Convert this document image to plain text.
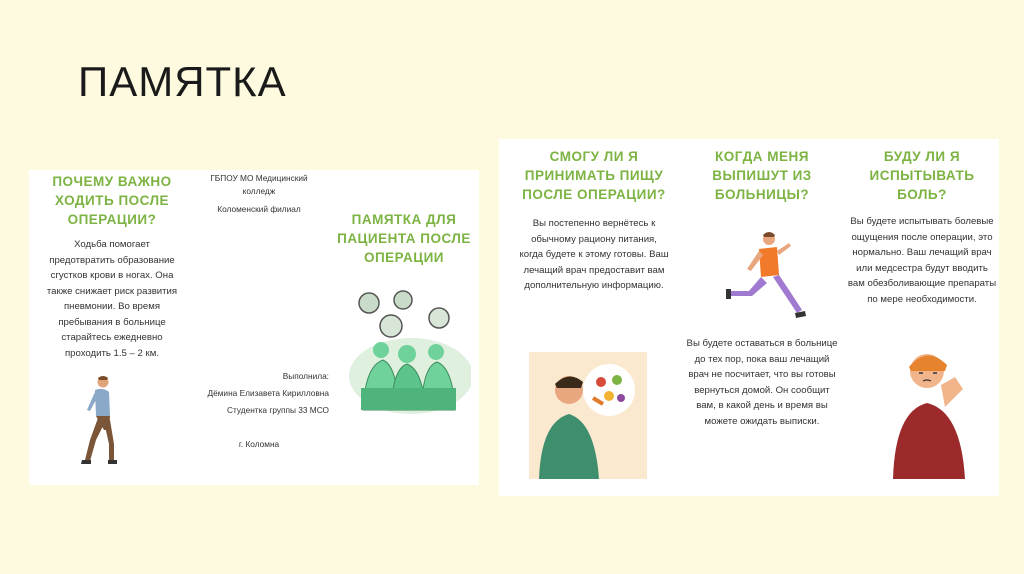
ПАМЯТКА
ПОЧЕМУ ВАЖНО ХОДИТЬ ПОСЛЕ ОПЕРАЦИИ?
Ходьба помогает предотвратить образование сгустков крови в ногах. Она также снижает риск развития пневмонии. Во время пребывания в больнице старайтесь ежедневно проходить 1.5 – 2 км.
ГБПОУ МО Медицинский колледж
Коломенский филиал
Выполнила:
Дёмина Елизавета Кирилловна
Студентка группы 33 МСО
г. Коломна
ПАМЯТКА ДЛЯ ПАЦИЕНТА ПОСЛЕ ОПЕРАЦИИ
СМОГУ ЛИ Я ПРИНИМАТЬ ПИЩУ ПОСЛЕ ОПЕРАЦИИ?
Вы постепенно вернётесь к обычному рациону питания, когда будете к этому готовы. Ваш лечащий врач предоставит вам дополнительную информацию.
КОГДА МЕНЯ ВЫПИШУТ ИЗ БОЛЬНИЦЫ?
Вы будете оставаться в больнице до тех пор, пока ваш лечащий врач не посчитает, что вы готовы вернуться домой. Он сообщит вам, в какой день и время вы можете ожидать выписки.
БУДУ ЛИ Я ИСПЫТЫВАТЬ БОЛЬ?
Вы будете испытывать болевые ощущения после операции, это нормально. Ваш лечащий врач или медсестра будут вводить вам обезболивающие препараты по мере необходимости.
